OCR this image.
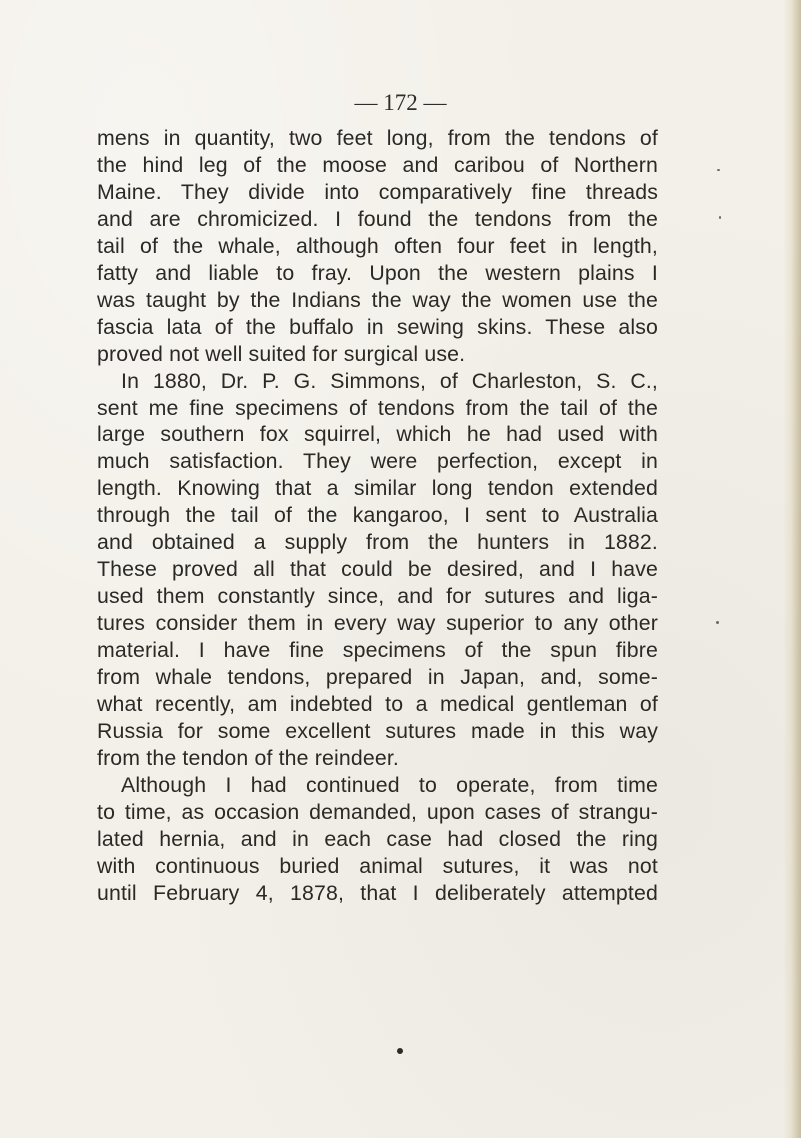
— 172 —
mens in quantity, two feet long, from the tendons of
the hind leg of the moose and caribou of Northern
Maine. They divide into comparatively fine threads
and are chromicized. I found the tendons from the
tail of the whale, although often four feet in length,
fatty and liable to fray. Upon the western plains I
was taught by the Indians the way the women use the
fascia lata of the buffalo in sewing skins. These also
proved not well suited for surgical use.
In 1880, Dr. P. G. Simmons, of Charleston, S. C.,
sent me fine specimens of tendons from the tail of the
large southern fox squirrel, which he had used with
much satisfaction. They were perfection, except in
length. Knowing that a similar long tendon extended
through the tail of the kangaroo, I sent to Australia
and obtained a supply from the hunters in 1882.
These proved all that could be desired, and I have
used them constantly since, and for sutures and liga-
tures consider them in every way superior to any other
material. I have fine specimens of the spun fibre
from whale tendons, prepared in Japan, and, some-
what recently, am indebted to a medical gentleman of
Russia for some excellent sutures made in this way
from the tendon of the reindeer.
Although I had continued to operate, from time
to time, as occasion demanded, upon cases of strangu-
lated hernia, and in each case had closed the ring
with continuous buried animal sutures, it was not
until February 4, 1878, that I deliberately attempted
